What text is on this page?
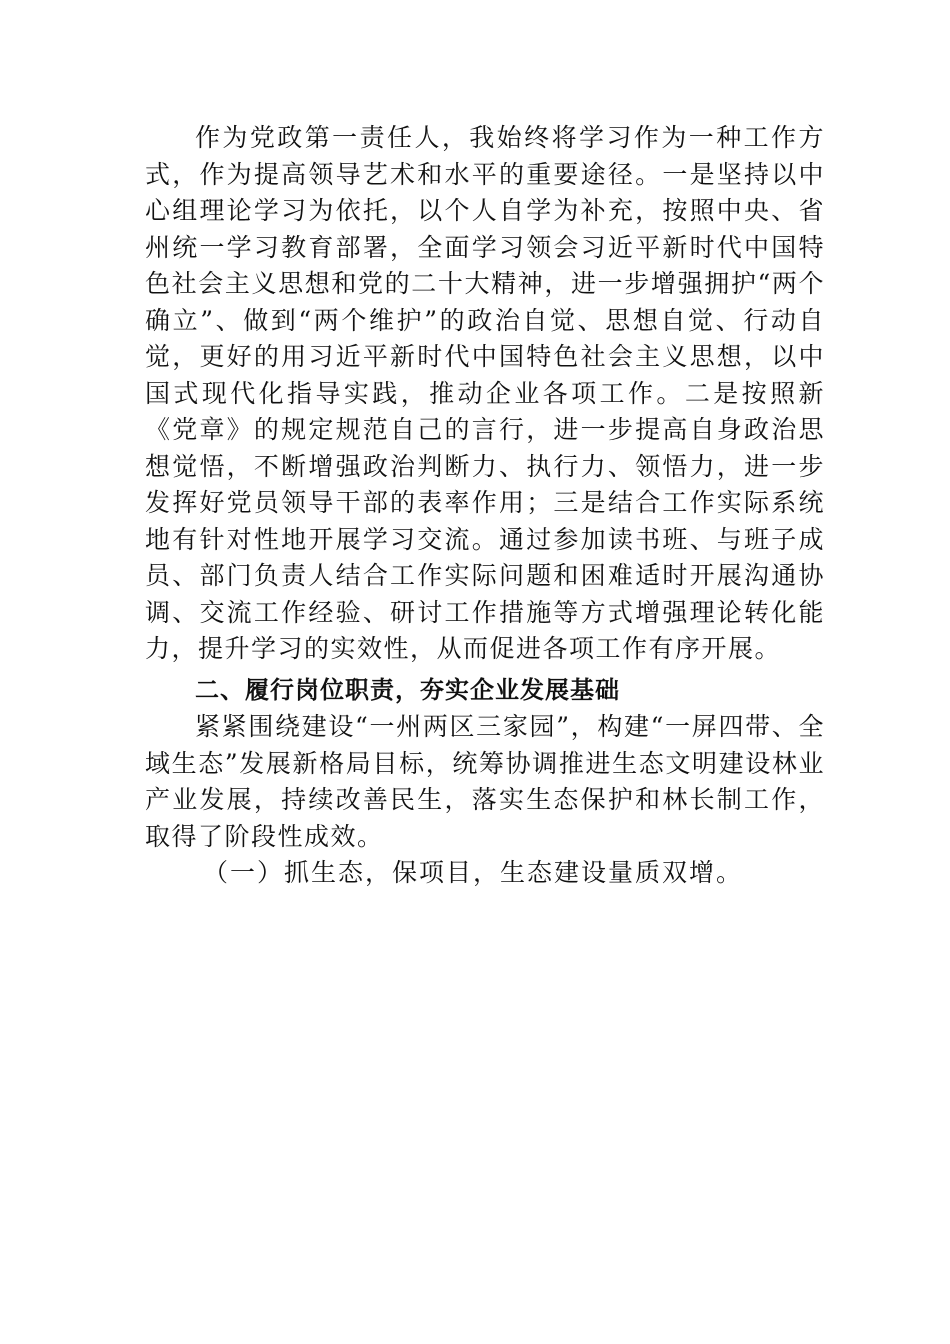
作为党政第一责任人，我始终将学习作为一种工作方式，作为提高领导艺术和水平的重要途径。一是坚持以中心组理论学习为依托，以个人自学为补充，按照中央、省州统一学习教育部署，全面学习领会习近平新时代中国特色社会主义思想和党的二十大精神，进一步增强拥护“两个确立”、做到“两个维护”的政治自觉、思想自觉、行动自觉，更好的用习近平新时代中国特色社会主义思想，以中国式现代化指导实践，推动企业各项工作。二是按照新《党章》的规定规范自己的言行，进一步提高自身政治思想觉悟，不断增强政治判断力、执行力、领悟力，进一步发挥好党员领导干部的表率作用；三是结合工作实际系统地有针对性地开展学习交流。通过参加读书班、与班子成员、部门负责人结合工作实际问题和困难适时开展沟通协调、交流工作经验、研讨工作措施等方式增强理论转化能力，提升学习的实效性，从而促进各项工作有序开展。

二、履行岗位职责，夯实企业发展基础

紧紧围绕建设“一州两区三家园”，构建“一屏四带、全域生态”发展新格局目标，统筹协调推进生态文明建设林业产业发展，持续改善民生，落实生态保护和林长制工作，取得了阶段性成效。

（一）抓生态，保项目，生态建设量质双增。
